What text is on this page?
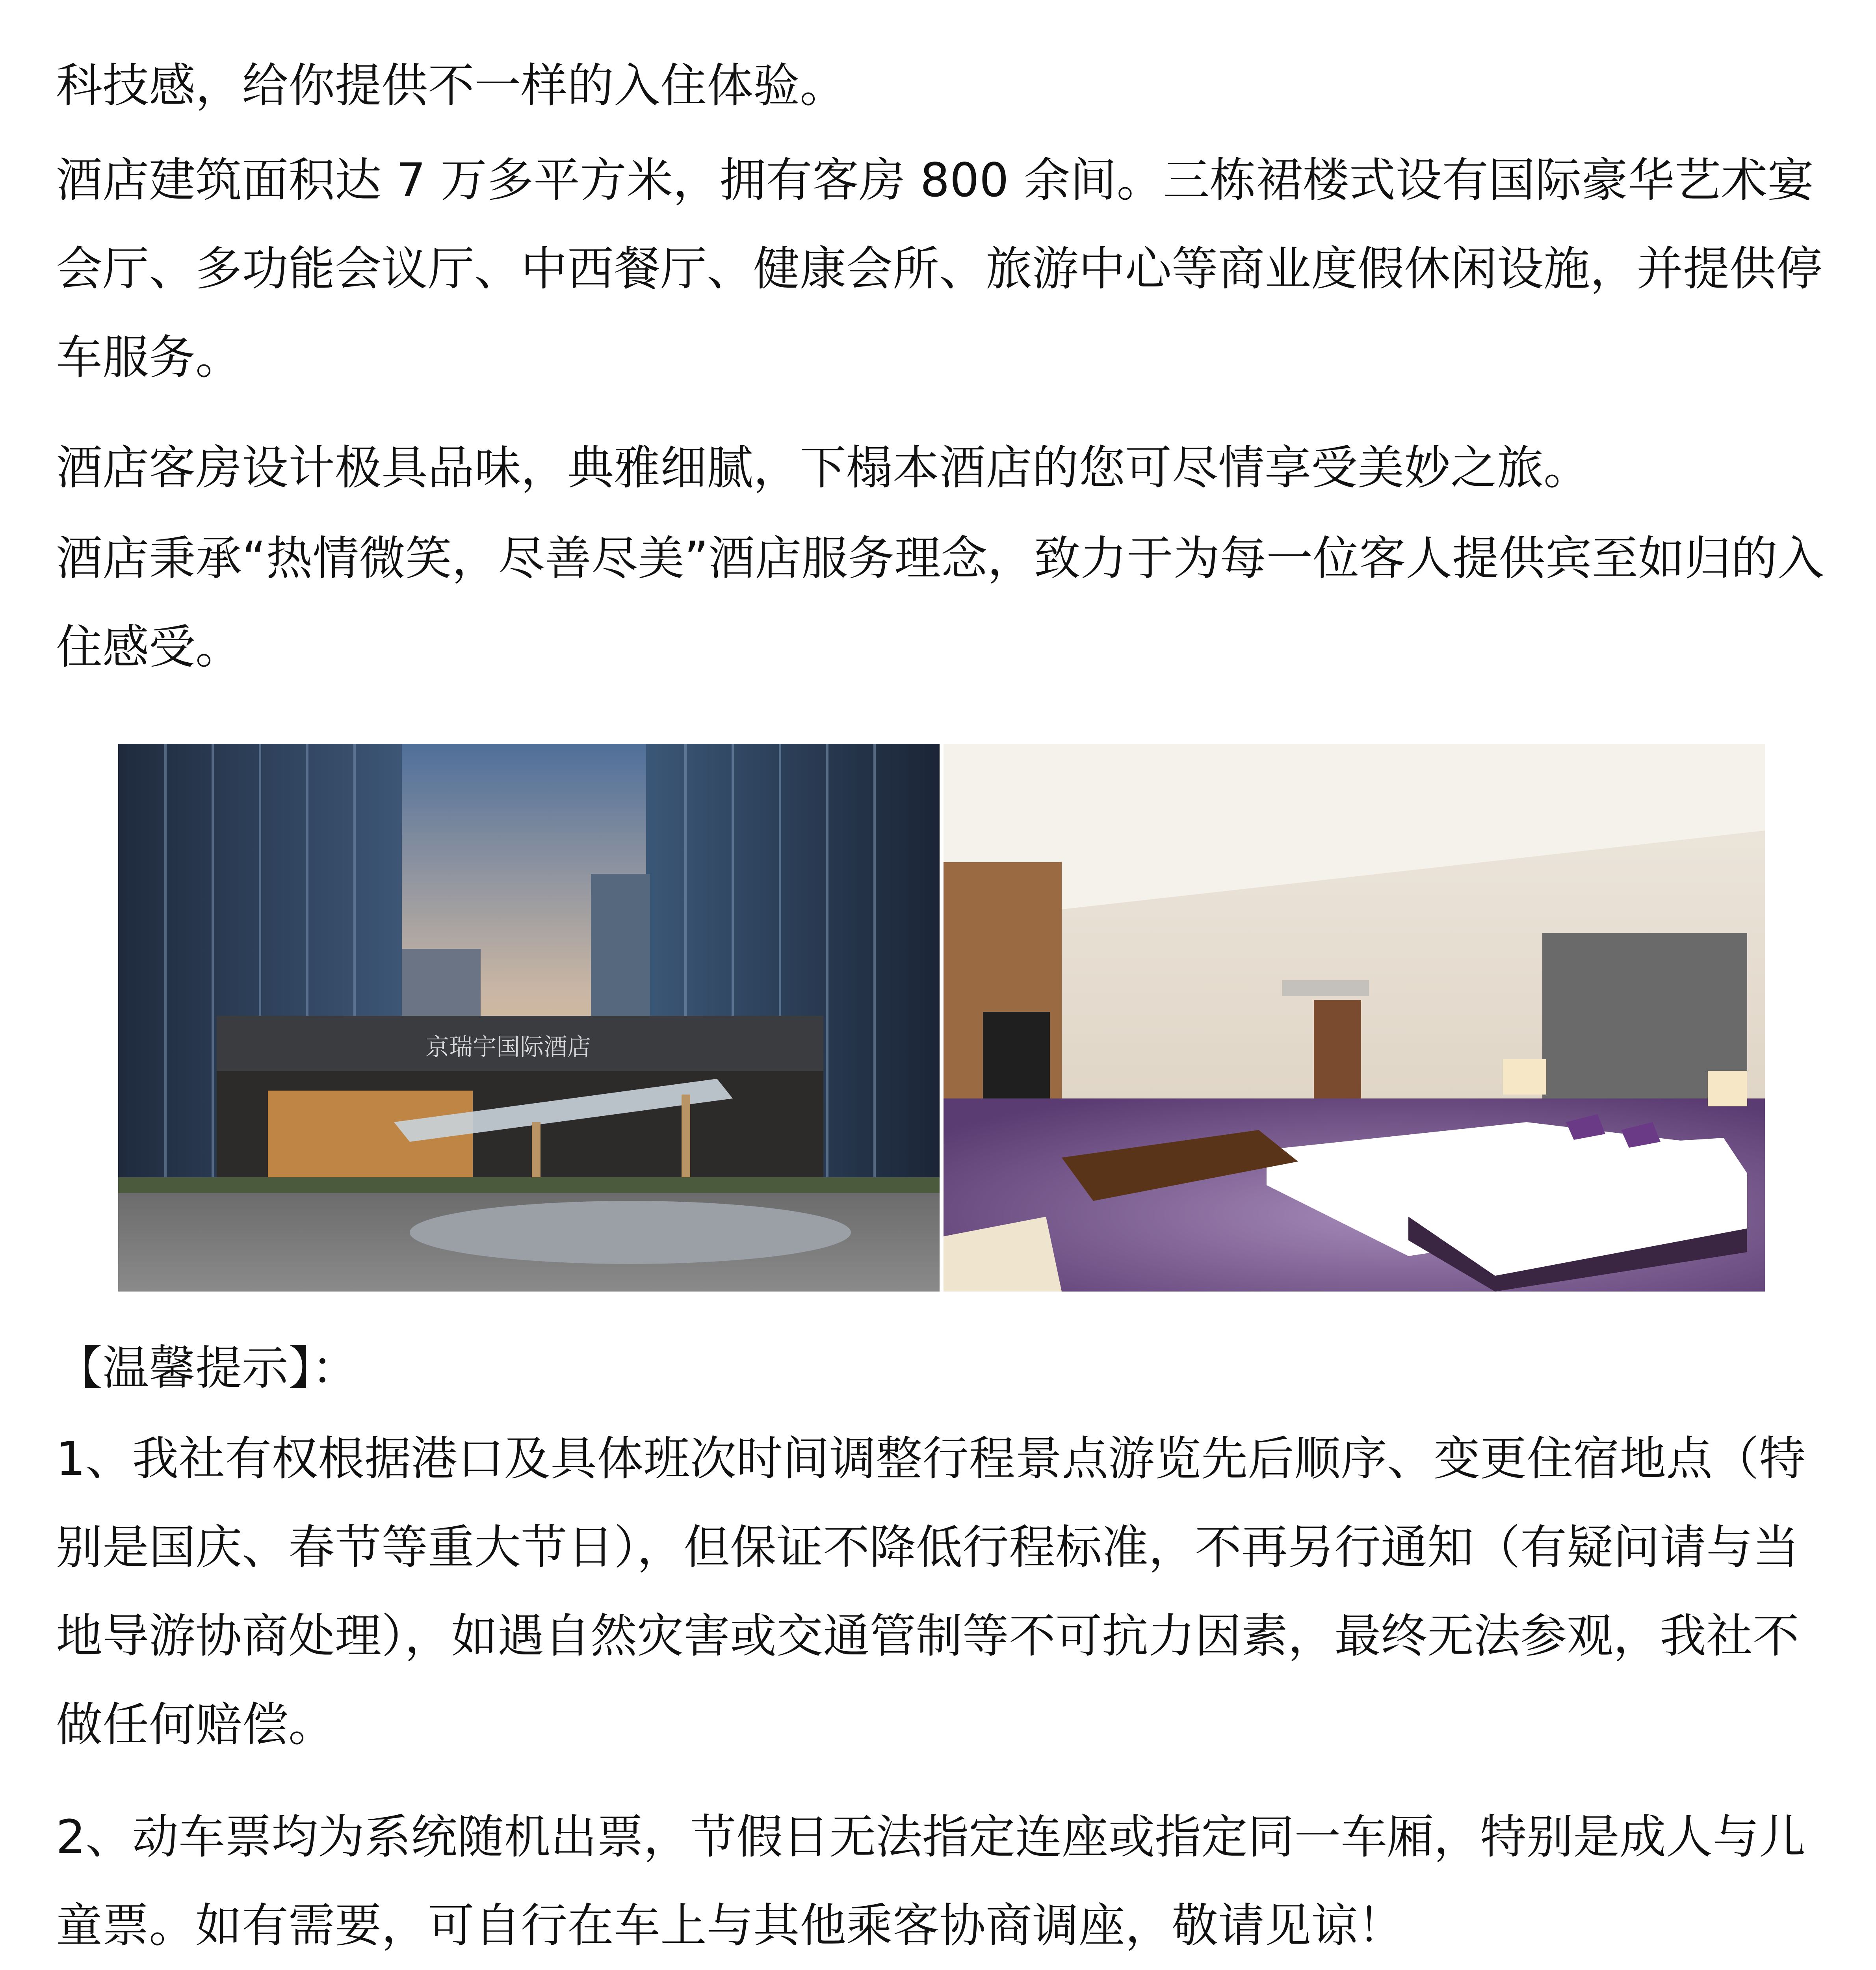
科技感，给你提供不一样的入住体验。

酒店建筑面积达 7 万多平方米，拥有客房 800 余间。三栋裙楼式设有国际豪华艺术宴会厅、多功能会议厅、中西餐厅、健康会所、旅游中心等商业度假休闲设施，并提供停车服务。

酒店客房设计极具品味，典雅细腻，下榻本酒店的您可尽情享受美妙之旅。

酒店秉承“热情微笑，尽善尽美”酒店服务理念，致力于为每一位客人提供宾至如归的入住感受。

京瑞宇国际酒店

【温馨提示】：

1、我社有权根据港口及具体班次时间调整行程景点游览先后顺序、变更住宿地点（特别是国庆、春节等重大节日），但保证不降低行程标准，不再另行通知（有疑问请与当地导游协商处理），如遇自然灾害或交通管制等不可抗力因素，最终无法参观，我社不做任何赔偿。

2、动车票均为系统随机出票，节假日无法指定连座或指定同一车厢，特别是成人与儿童票。如有需要，可自行在车上与其他乘客协商调座，敬请见谅！
